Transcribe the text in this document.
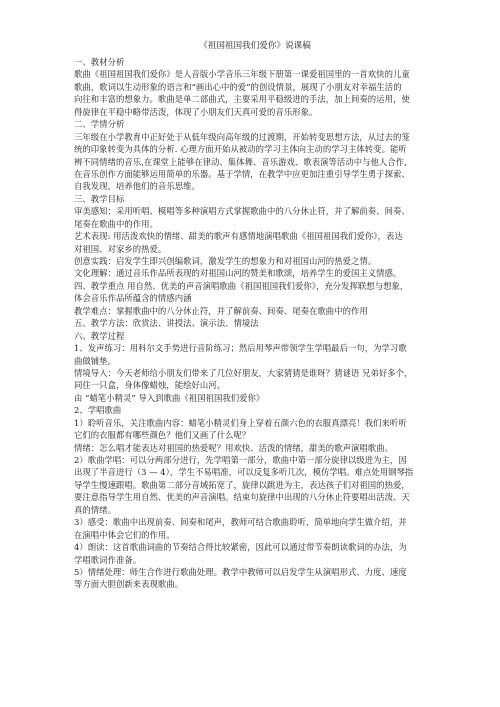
《祖国祖国我们爱你》说课稿
一、教材分析
歌曲《祖国祖国我们爱你》是人音版小学音乐三年级下册第一课爱祖国里的一首欢快的儿童
歌曲，歌词以生动形象的语言和“画出心中的爱”的创设情景，展现了小朋友对幸福生活的
向往和丰富的想象力。歌曲是单二部曲式，主要采用平稳级进的手法，加上间奏的运用，使
得旋律在平稳中略带活泼，体现了小朋友们天真可爱的音乐形象。
二、学情分析
三年级在小学教育中正好处于从低年级向高年级的过渡期，开始转变思想方法，从过去的笼
统的印象转变为具体的分析. 心理方面开始从被动的学习主体向主动的学习主体转变。能听
辨不同情绪的音乐,在课堂上能够在律动、集体舞、音乐游戏、歌表演等活动中与他人合作,
在音乐创作方面能够运用简单的乐器。基于学情，在教学中应更加注重引导学生勇于探索、
自我发现，培养他们的音乐思维。
三、教学目标
审美感知：采用听唱、模唱等多种演唱方式掌握歌曲中的八分休止符，并了解前奏、间奏、
尾奏在歌曲中的作用。
艺术表现: 用活泼欢快的情绪、甜美的歌声有感情地演唱歌曲《祖国祖国我们爱你》，表达
对祖国、对家乡的热爱。
创意实践：启发学生即兴创编歌词，激发学生的想象力和对祖国山河的热爱之情。
文化理解：通过音乐作品所表现的对祖国山河的赞美和歌颂，培养学生的爱国主义情感。
四、教学重点 用自然、优美的声音演唱歌曲《祖国祖国我们爱你》，充分发挥联想与想象，
体会音乐作品所蕴含的情感内涵
教学难点：掌握歌曲中的八分休止符，并了解前奏、间奏、尾奏在歌曲中的作用
五、教学方法：欣赏法、讲授法、演示法、情境法
六、教学过程
1、发声练习：用科尔文手势进行音阶练习；然后用琴声带领学生学唱最后一句，为学习歌
曲做铺垫。
情境导入：今天老师给小朋友们带来了几位好朋友，大家猜猜是谁呀？猜谜语 兄弟好多个，
同住一只盒，身体像蜡烛，能绘好山河。
由 “蜡笔小精灵” 导入到歌曲《祖国祖国我们爱你》
2、学唱歌曲
1）聆听音乐，关注歌曲内容：蜡笔小精灵们身上穿着五颜六色的衣服真漂亮！我们来听听
它们的衣服都有哪些颜色？他们又画了什么呢？
情绪：怎么唱才能表达对祖国的热爱呢？用欢快、活泼的情绪，甜美的歌声演唱歌曲。
2）歌曲学唱：可以分两部分进行，先学唱第一部分，歌曲中第一部分旋律以级进为主，因
出现了半音进行（3 — 4），学生不易唱准，可以反复多听几次，模仿学唱。难点处用钢琴指
导学生慢速跟唱。歌曲第二部分音域拓宽了，旋律以跳进为主，表达孩子们对祖国的热爱，
要注意指导学生用自然、优美的声音演唱。结束句旋律中出现的八分休止符要唱出活泼、天
真的情绪。
3）感受：歌曲中出现前奏、间奏和尾声，教师可结合歌曲聆听，简单地向学生做介绍，并
在演唱中体会它们的作用。
4）朗读：这首歌曲词曲的节奏结合得比较紧密，因此可以通过带节奏朗读歌词的办法，为
学唱歌词作准备。
5）情绪处理：师生合作进行歌曲处理。教学中教师可以启发学生从演唱形式、力度、速度
等方面大胆创新来表现歌曲。
